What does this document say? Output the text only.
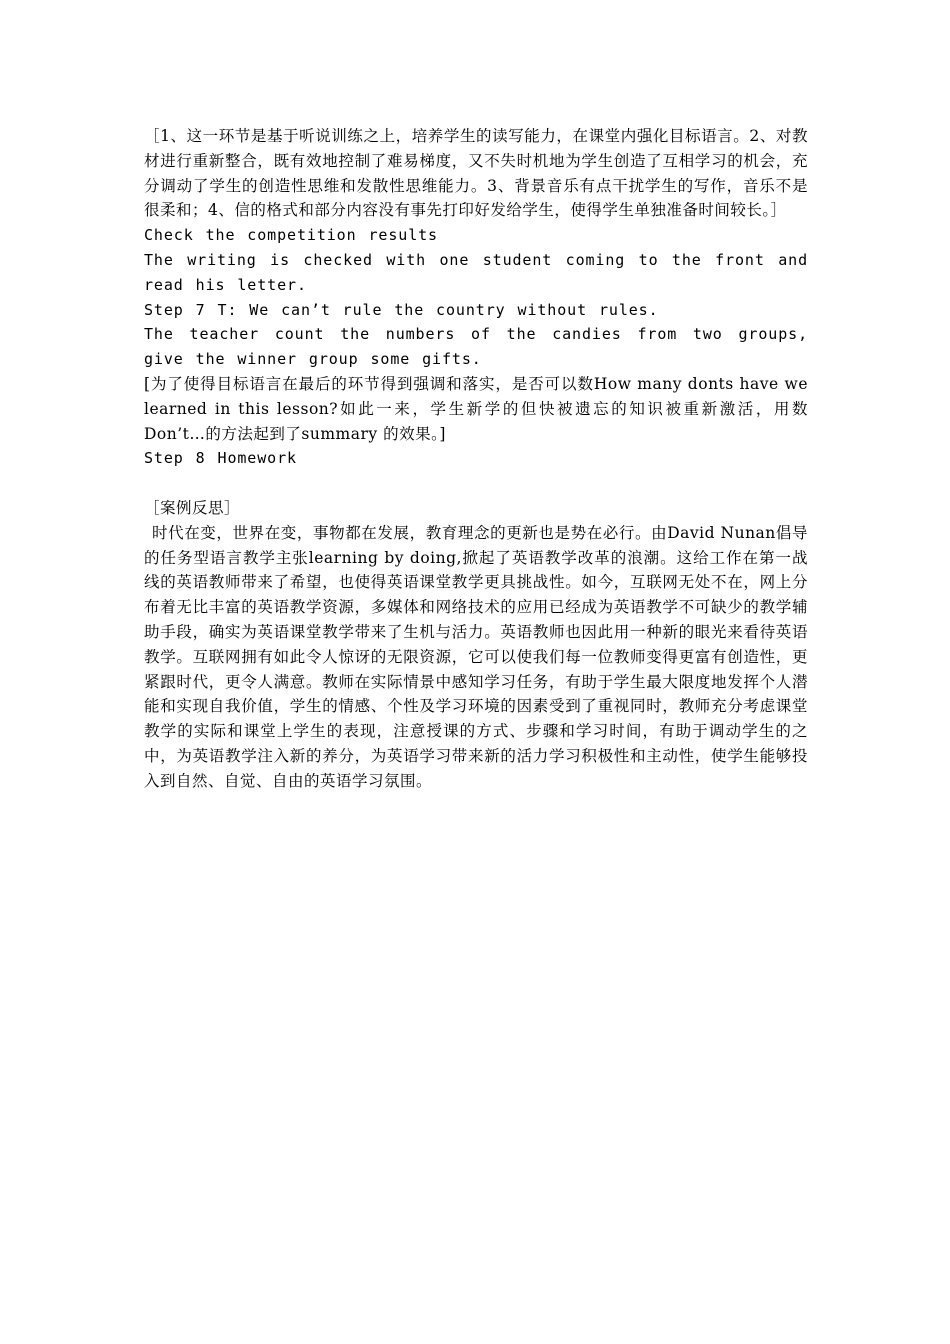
［1、这一环节是基于听说训练之上，培养学生的读写能力，在课堂内强化目标语言。2、对教材进行重新整合，既有效地控制了难易梯度，又不失时机地为学生创造了互相学习的机会，充分调动了学生的创造性思维和发散性思维能力。3、背景音乐有点干扰学生的写作，音乐不是很柔和；4、信的格式和部分内容没有事先打印好发给学生，使得学生单独准备时间较长。］

Check the competition results

The writing is checked with one student coming to the front and read his letter.

Step 7 T: We can’t rule the country without rules.

The teacher count the numbers of the candies from two groups, give the winner group some gifts.

[为了使得目标语言在最后的环节得到强调和落实，是否可以数How many donts have we learned in this lesson?如此一来，学生新学的但快被遗忘的知识被重新激活，用数Don’t…的方法起到了summary 的效果。]

Step 8 Homework

［案例反思］

时代在变，世界在变，事物都在发展，教育理念的更新也是势在必行。由David Nunan倡导的任务型语言教学主张learning by doing,掀起了英语教学改革的浪潮。这给工作在第一战线的英语教师带来了希望，也使得英语课堂教学更具挑战性。如今，互联网无处不在，网上分布着无比丰富的英语教学资源，多媒体和网络技术的应用已经成为英语教学不可缺少的教学辅助手段，确实为英语课堂教学带来了生机与活力。英语教师也因此用一种新的眼光来看待英语教学。互联网拥有如此令人惊讶的无限资源，它可以使我们每一位教师变得更富有创造性，更紧跟时代，更令人满意。教师在实际情景中感知学习任务，有助于学生最大限度地发挥个人潜能和实现自我价值，学生的情感、个性及学习环境的因素受到了重视同时，教师充分考虑课堂教学的实际和课堂上学生的表现，注意授课的方式、步骤和学习时间，有助于调动学生的之中，为英语教学注入新的养分，为英语学习带来新的活力学习积极性和主动性，使学生能够投入到自然、自觉、自由的英语学习氛围。
